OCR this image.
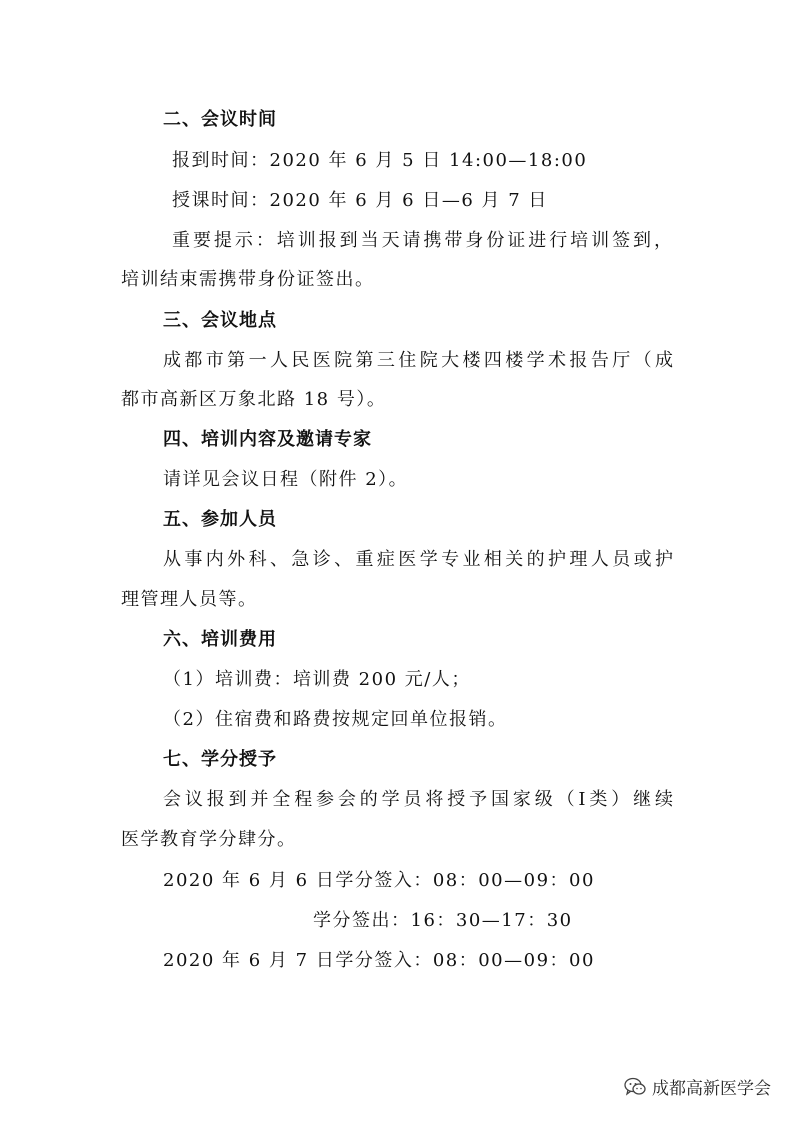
二、会议时间
报到时间：2020 年 6 月 5 日 14:00—18:00
授课时间：2020 年 6 月 6 日—6 月 7 日
重要提示：培训报到当天请携带身份证进行培训签到，
培训结束需携带身份证签出。
三、会议地点
成都市第一人民医院第三住院大楼四楼学术报告厅（成
都市高新区万象北路 18 号）。
四、培训内容及邀请专家
请详见会议日程（附件 2）。
五、参加人员
从事内外科、急诊、重症医学专业相关的护理人员或护
理管理人员等。
六、培训费用
（1）培训费：培训费 200 元/人；
（2）住宿费和路费按规定回单位报销。
七、学分授予
会议报到并全程参会的学员将授予国家级（Ⅰ类）继续
医学教育学分肆分。
2020 年 6 月 6 日学分签入：08：00—09：00
学分签出：16：30—17：30
2020 年 6 月 7 日学分签入：08：00—09：00
成都高新医学会
